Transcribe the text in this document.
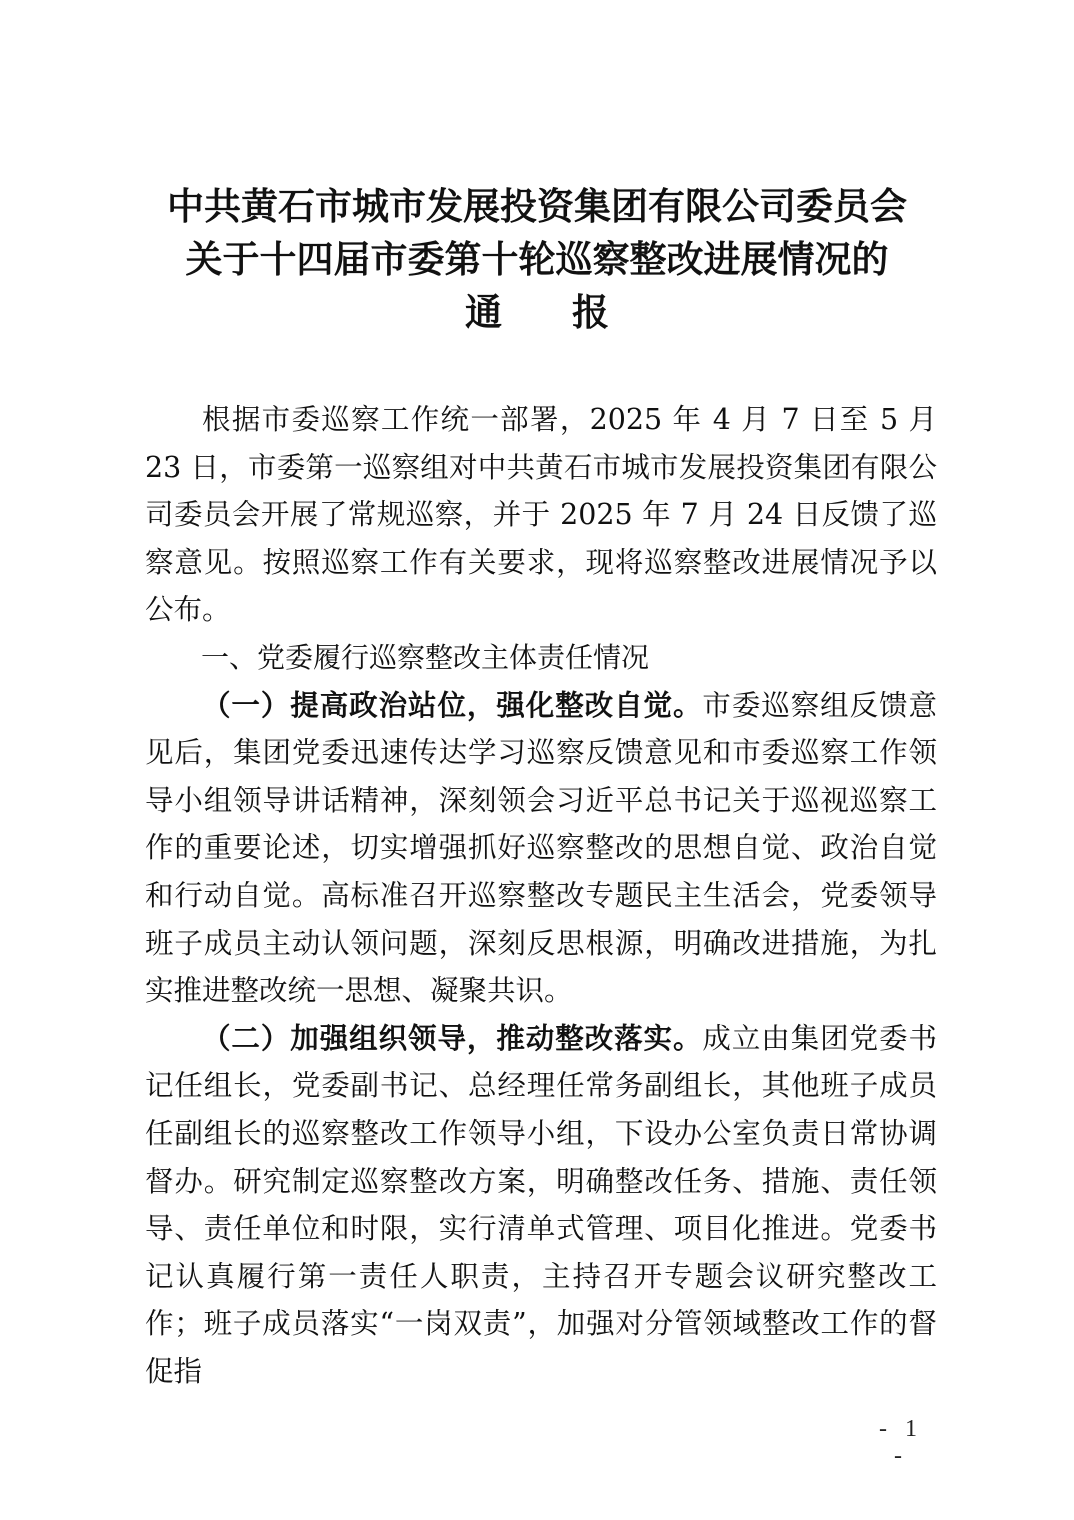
中共黄石市城市发展投资集团有限公司委员会
关于十四届市委第十轮巡察整改进展情况的
通 报

根据市委巡察工作统一部署，2025 年 4 月 7 日至 5 月 23 日，市委第一巡察组对中共黄石市城市发展投资集团有限公司委员会开展了常规巡察，并于 2025 年 7 月 24 日反馈了巡察意见。按照巡察工作有关要求，现将巡察整改进展情况予以公布。

一、党委履行巡察整改主体责任情况

（一）提高政治站位，强化整改自觉。市委巡察组反馈意见后，集团党委迅速传达学习巡察反馈意见和市委巡察工作领导小组领导讲话精神，深刻领会习近平总书记关于巡视巡察工作的重要论述，切实增强抓好巡察整改的思想自觉、政治自觉和行动自觉。高标准召开巡察整改专题民主生活会，党委领导班子成员主动认领问题，深刻反思根源，明确改进措施，为扎实推进整改统一思想、凝聚共识。

（二）加强组织领导，推动整改落实。成立由集团党委书记任组长，党委副书记、总经理任常务副组长，其他班子成员任副组长的巡察整改工作领导小组，下设办公室负责日常协调督办。研究制定巡察整改方案，明确整改任务、措施、责任领导、责任单位和时限，实行清单式管理、项目化推进。党委书记认真履行第一责任人职责，主持召开专题会议研究整改工作；班子成员落实“一岗双责”，加强对分管领域整改工作的督促指

- 1 -
